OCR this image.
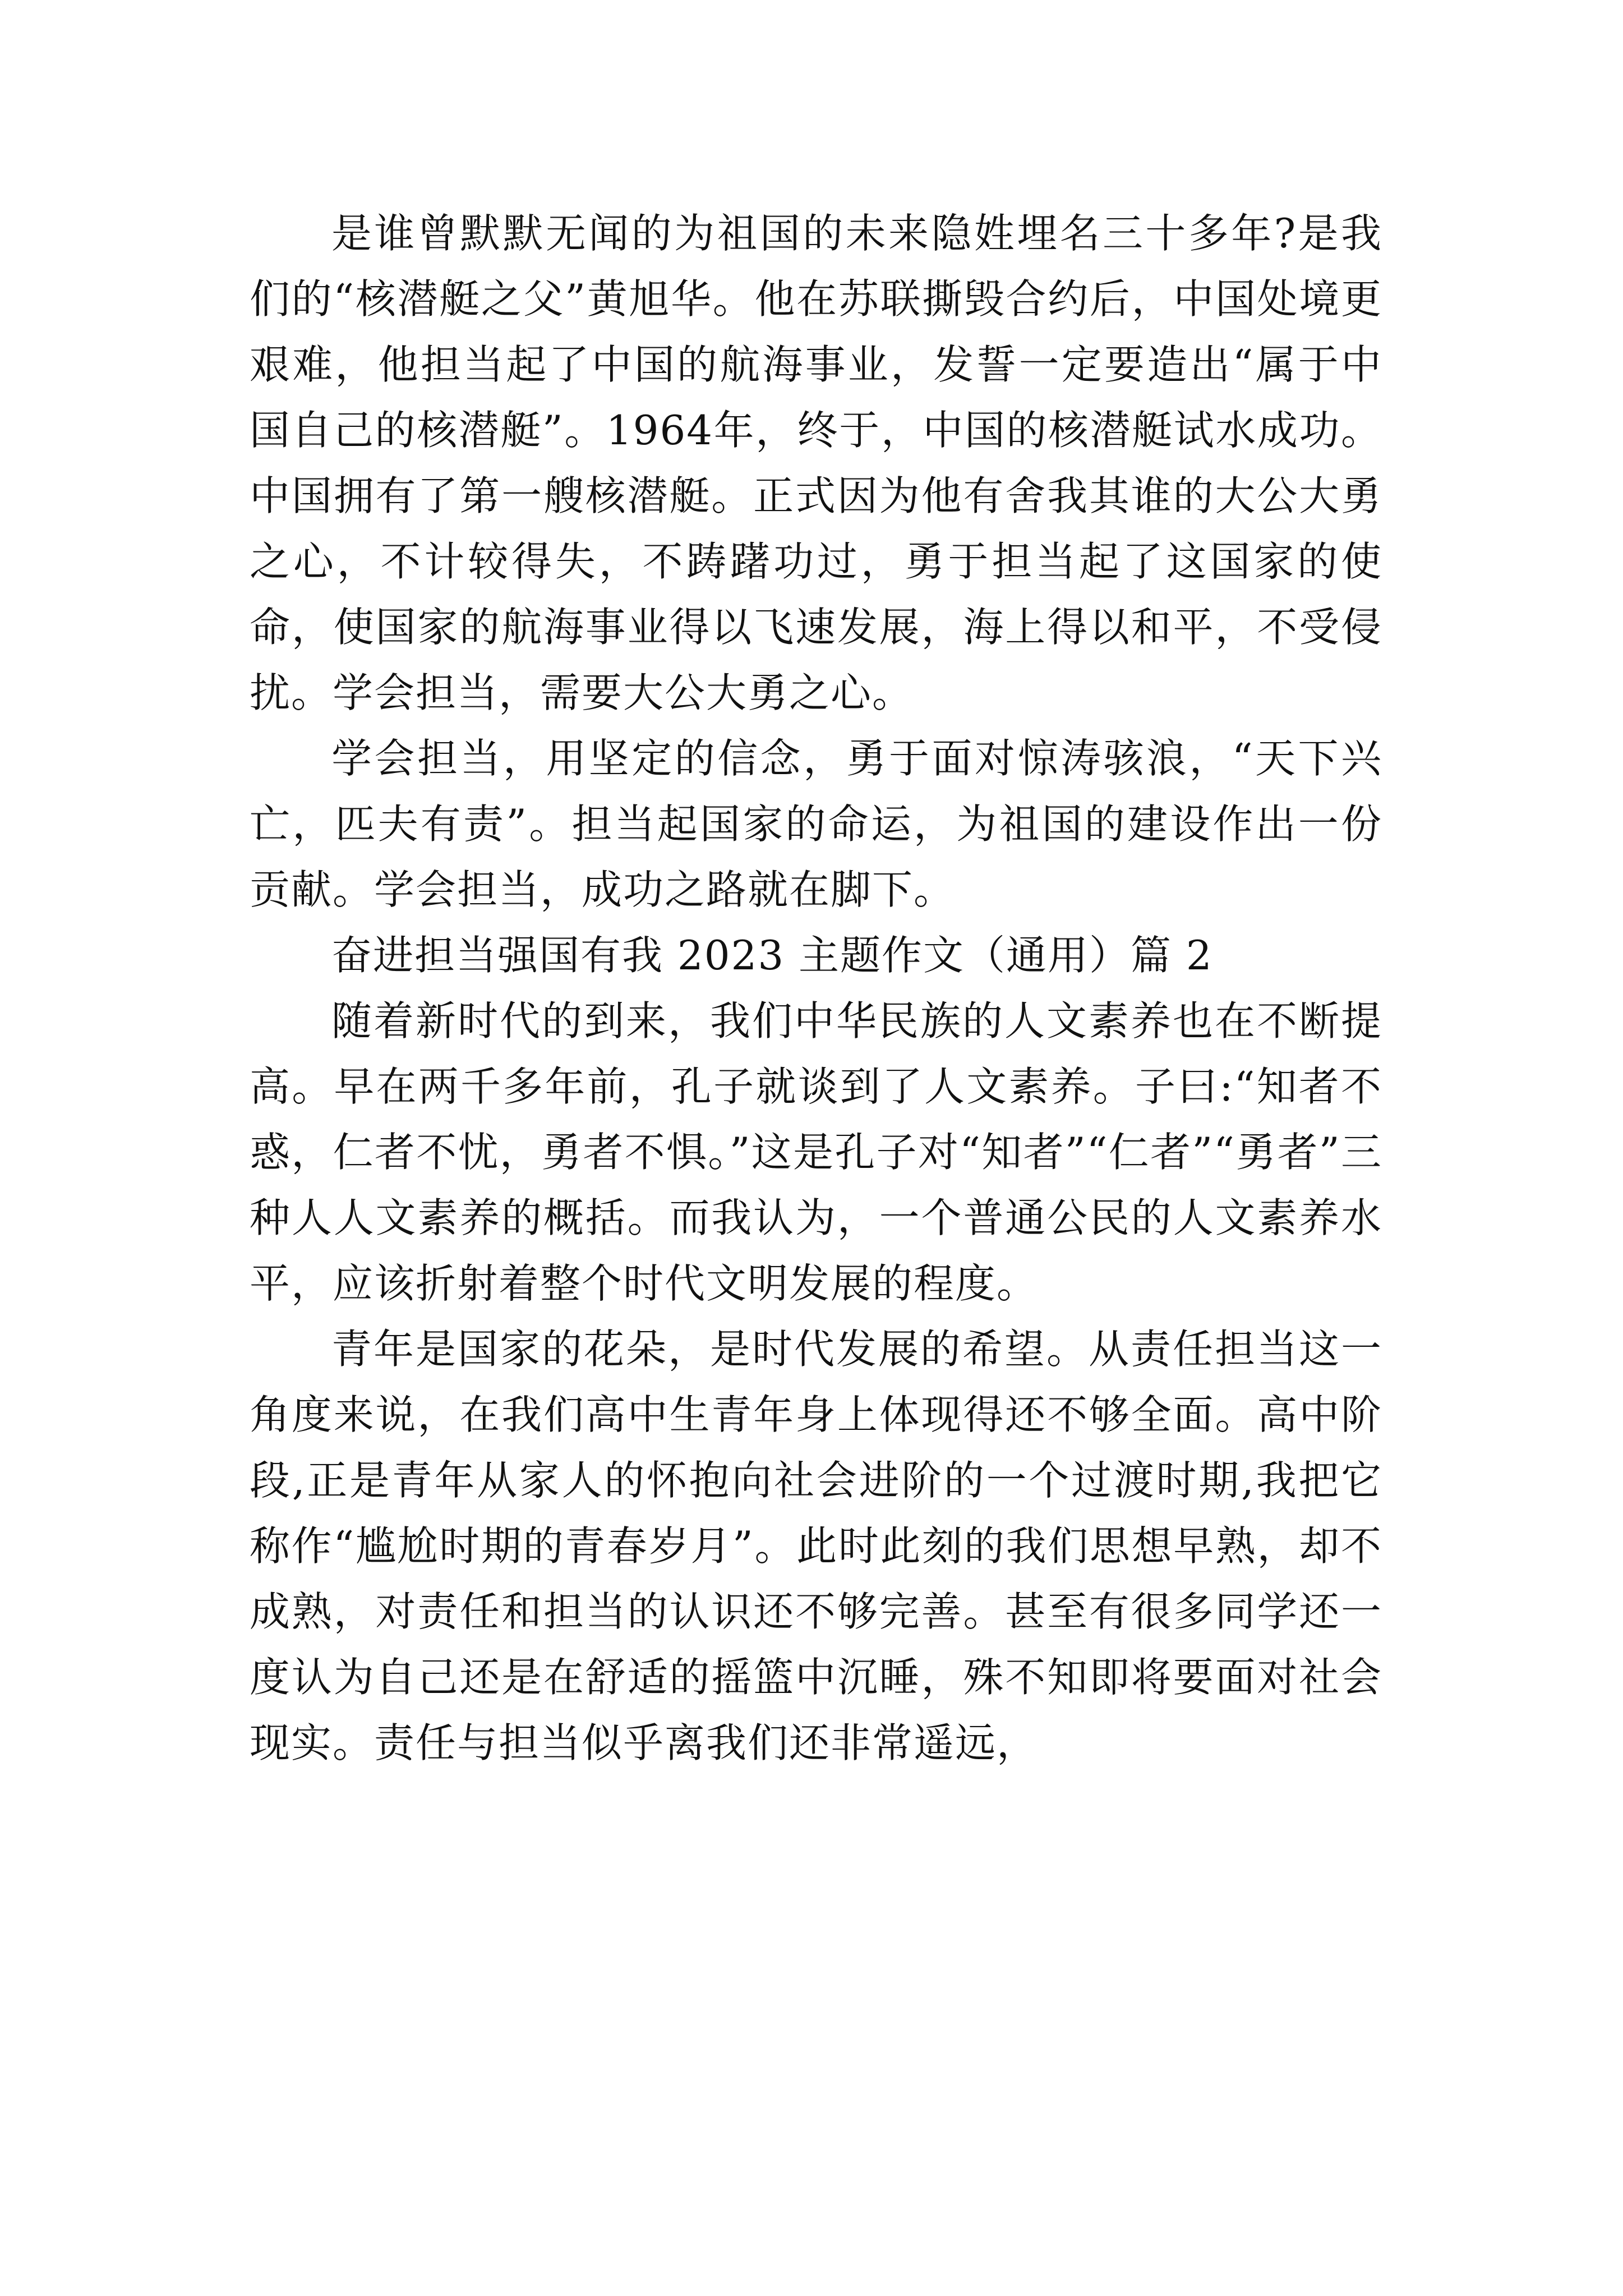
是谁曾默默无闻的为祖国的未来隐姓埋名三十多年?是我们的“核潜艇之父”黄旭华。他在苏联撕毁合约后，中国处境更艰难，他担当起了中国的航海事业，发誓一定要造出“属于中国自己的核潜艇”。1964年，终于，中国的核潜艇试水成功。中国拥有了第一艘核潜艇。正式因为他有舍我其谁的大公大勇之心，不计较得失，不踌躇功过，勇于担当起了这国家的使命，使国家的航海事业得以飞速发展，海上得以和平，不受侵扰。学会担当，需要大公大勇之心。

学会担当，用坚定的信念，勇于面对惊涛骇浪，“天下兴亡，匹夫有责”。担当起国家的命运，为祖国的建设作出一份贡献。学会担当，成功之路就在脚下。

奋进担当强国有我 2023 主题作文（通用）篇 2

随着新时代的到来，我们中华民族的人文素养也在不断提高。早在两千多年前，孔子就谈到了人文素养。子曰:“知者不惑，仁者不忧，勇者不惧。”这是孔子对“知者”“仁者”“勇者”三种人人文素养的概括。而我认为，一个普通公民的人文素养水平，应该折射着整个时代文明发展的程度。

青年是国家的花朵，是时代发展的希望。从责任担当这一角度来说，在我们高中生青年身上体现得还不够全面。高中阶段,正是青年从家人的怀抱向社会进阶的一个过渡时期,我把它称作“尴尬时期的青春岁月”。此时此刻的我们思想早熟，却不成熟，对责任和担当的认识还不够完善。甚至有很多同学还一度认为自己还是在舒适的摇篮中沉睡，殊不知即将要面对社会现实。责任与担当似乎离我们还非常遥远，
